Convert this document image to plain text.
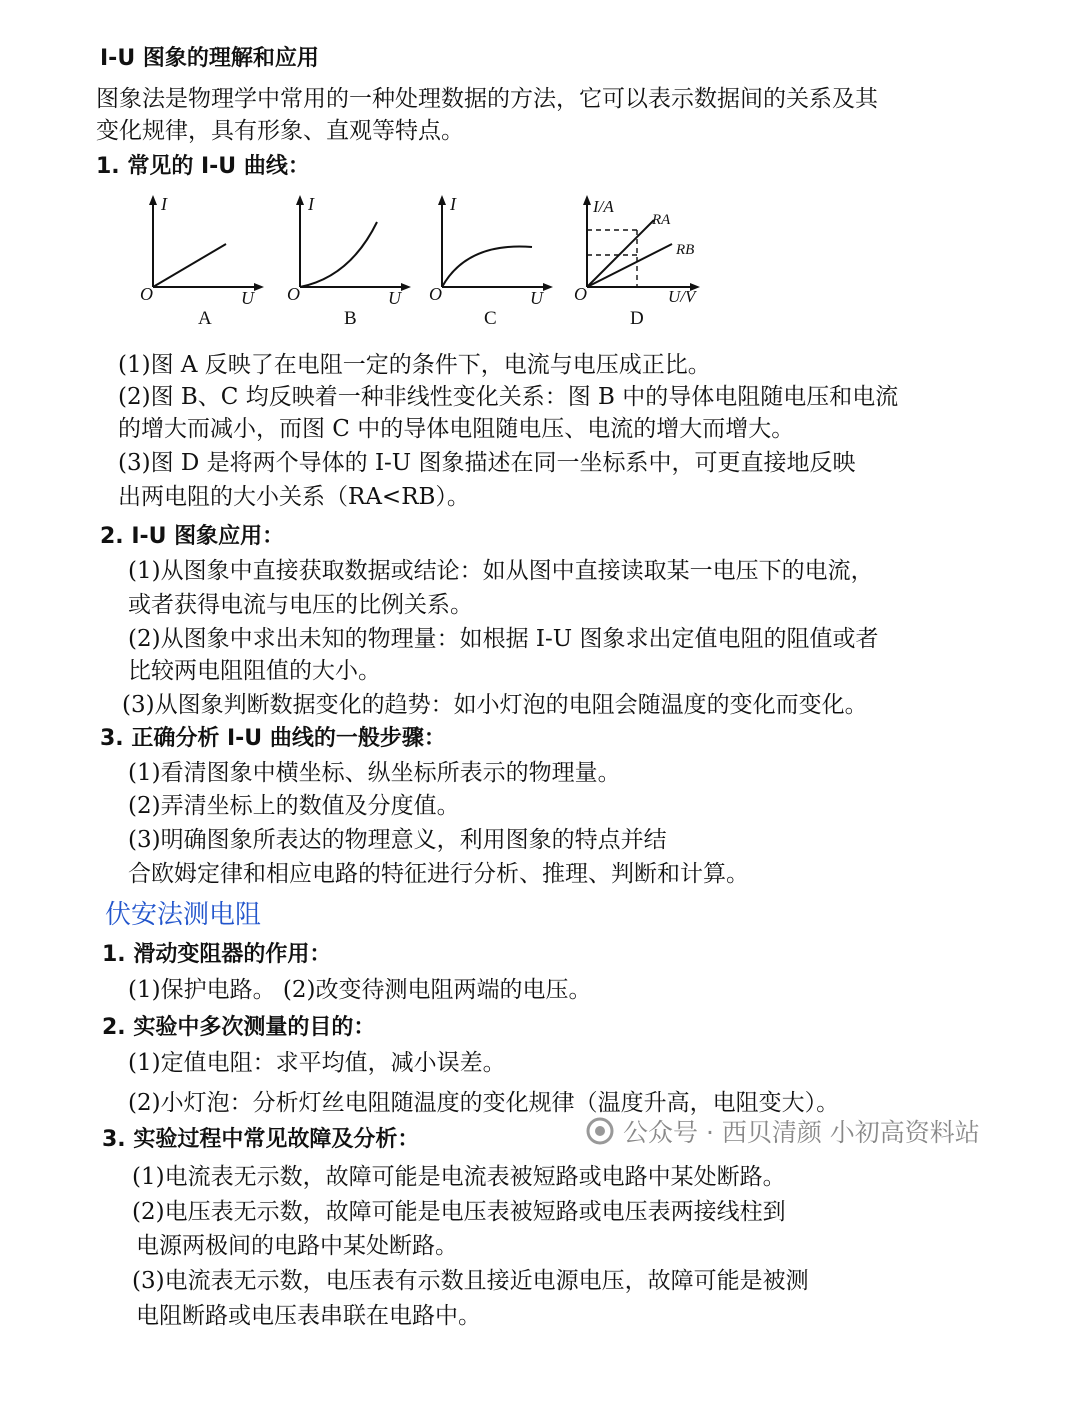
I-U 图象的理解和应用
图象法是物理学中常用的一种处理数据的方法，它可以表示数据间的关系及其
变化规律，具有形象、直观等特点。
1. 常见的 I-U 曲线：
I
U
O
A
I
U
O
B
I
U
O
C
I/A
U/V
O
RA
RB
D
(1)图 A 反映了在电阻一定的条件下，电流与电压成正比。
(2)图 B、C 均反映着一种非线性变化关系：图 B 中的导体电阻随电压和电流
的增大而减小，而图 C 中的导体电阻随电压、电流的增大而增大。
(3)图 D 是将两个导体的 I-U 图象描述在同一坐标系中，可更直接地反映
出两电阻的大小关系（RA<RB）。
2. I-U 图象应用：
(1)从图象中直接获取数据或结论：如从图中直接读取某一电压下的电流，
或者获得电流与电压的比例关系。
(2)从图象中求出未知的物理量：如根据 I-U 图象求出定值电阻的阻值或者
比较两电阻阻值的大小。
(3)从图象判断数据变化的趋势：如小灯泡的电阻会随温度的变化而变化。
3. 正确分析 I-U 曲线的一般步骤：
(1)看清图象中横坐标、纵坐标所表示的物理量。
(2)弄清坐标上的数值及分度值。
(3)明确图象所表达的物理意义，利用图象的特点并结
合欧姆定律和相应电路的特征进行分析、推理、判断和计算。
伏安法测电阻
1. 滑动变阻器的作用：
(1)保护电路。 (2)改变待测电阻两端的电压。
2. 实验中多次测量的目的：
(1)定值电阻：求平均值，减小误差。
(2)小灯泡：分析灯丝电阻随温度的变化规律（温度升高，电阻变大）。
3. 实验过程中常见故障及分析：
(1)电流表无示数，故障可能是电流表被短路或电路中某处断路。
(2)电压表无示数，故障可能是电压表被短路或电压表两接线柱到
电源两极间的电路中某处断路。
(3)电流表无示数，电压表有示数且接近电源电压，故障可能是被测
电阻断路或电压表串联在电路中。
公众号 · 西贝清颜 小初高资料站
